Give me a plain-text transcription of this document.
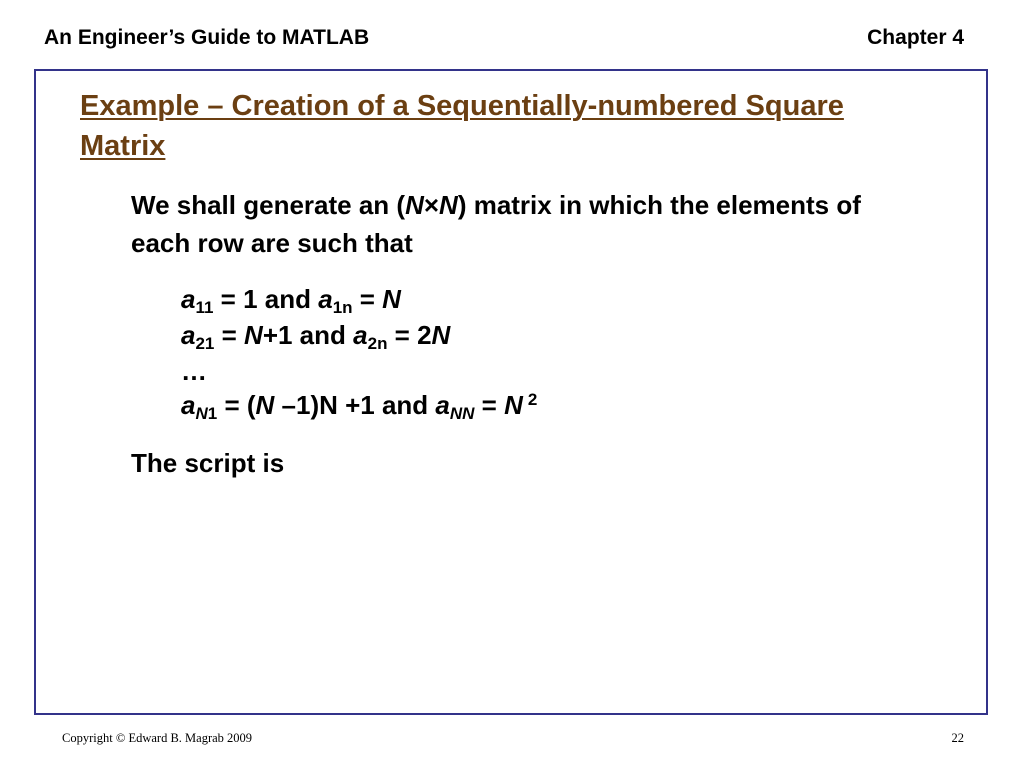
An Engineer’s Guide to MATLAB	Chapter 4
Example – Creation of a Sequentially-numbered Square Matrix
We shall generate an (N×N) matrix in which the elements of each row are such that
$a_{11} = 1$ and $a_{1n} = N$
$a_{21} = N+1$ and $a_{2n} = 2N$
…
$a_{N1} = (N$ –1)N +1 and $a_{NN} = N$ $^2$
The script is
Copyright © Edward B. Magrab 2009	22
